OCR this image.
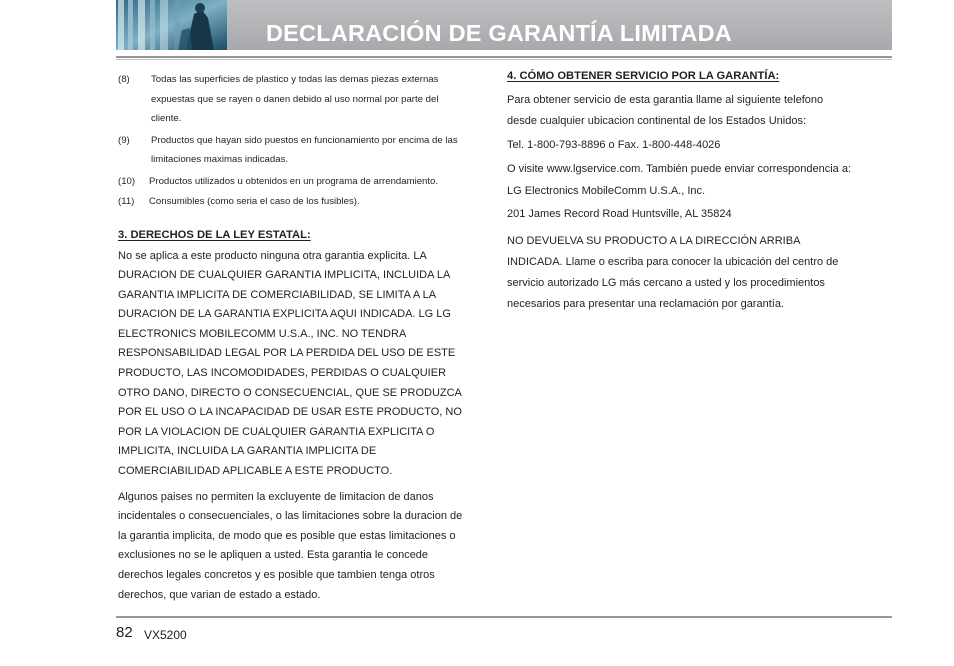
DECLARACIÓN DE GARANTÍA LIMITADA
(8)	Todas las superficies de plastico y todas las demas piezas externas expuestas que se rayen o danen debido al uso normal por parte del cliente.
(9)	Productos que hayan sido puestos en funcionamiento por encima de las limitaciones maximas indicadas.
(10)	Productos utilizados u obtenidos en un programa de arrendamiento.
(11)	Consumibles (como seria el caso de los fusibles).
3. DERECHOS DE LA LEY ESTATAL:

No se aplica a este producto ninguna otra garantia explicita. LA DURACION DE CUALQUIER GARANTIA IMPLICITA, INCLUIDA LA GARANTIA IMPLICITA DE COMERCIABILIDAD, SE LIMITA A LA DURACION DE LA GARANTIA EXPLICITA AQUI INDICADA. LG LG ELECTRONICS MOBILECOMM U.S.A., INC. NO TENDRA RESPONSABILIDAD LEGAL POR LA PERDIDA DEL USO DE ESTE PRODUCTO, LAS INCOMODIDADES, PERDIDAS O CUALQUIER OTRO DANO, DIRECTO O CONSECUENCIAL, QUE SE PRODUZCA POR EL USO O LA INCAPACIDAD DE USAR ESTE PRODUCTO, NO POR LA VIOLACION DE CUALQUIER GARANTIA EXPLICITA O IMPLICITA, INCLUIDA LA GARANTIA IMPLICITA DE COMERCIABILIDAD APLICABLE A ESTE PRODUCTO.

Algunos paises no permiten la excluyente de limitacion de danos incidentales o consecuenciales, o las limitaciones sobre la duracion de la garantia implicita, de modo que es posible que estas limitaciones o exclusiones no se le apliquen a usted. Esta garantia le concede derechos legales concretos y es posible que tambien tenga otros derechos, que varian de estado a estado.

4. CÓMO OBTENER SERVICIO POR LA GARANTÍA:

Para obtener servicio de esta garantia llame al siguiente telefono desde cualquier ubicacion continental de los Estados Unidos:

Tel. 1-800-793-8896 o Fax. 1-800-448-4026

O visite www.lgservice.com. También puede enviar correspondencia a:

LG Electronics MobileComm U.S.A., Inc.

201 James Record Road Huntsville, AL 35824

NO DEVUELVA SU PRODUCTO A LA DIRECCIÓN ARRIBA INDICADA. Llame o escriba para conocer la ubicación del centro de servicio autorizado LG más cercano a usted y los procedimientos necesarios para presentar una reclamación por garantía.

82 VX5200
